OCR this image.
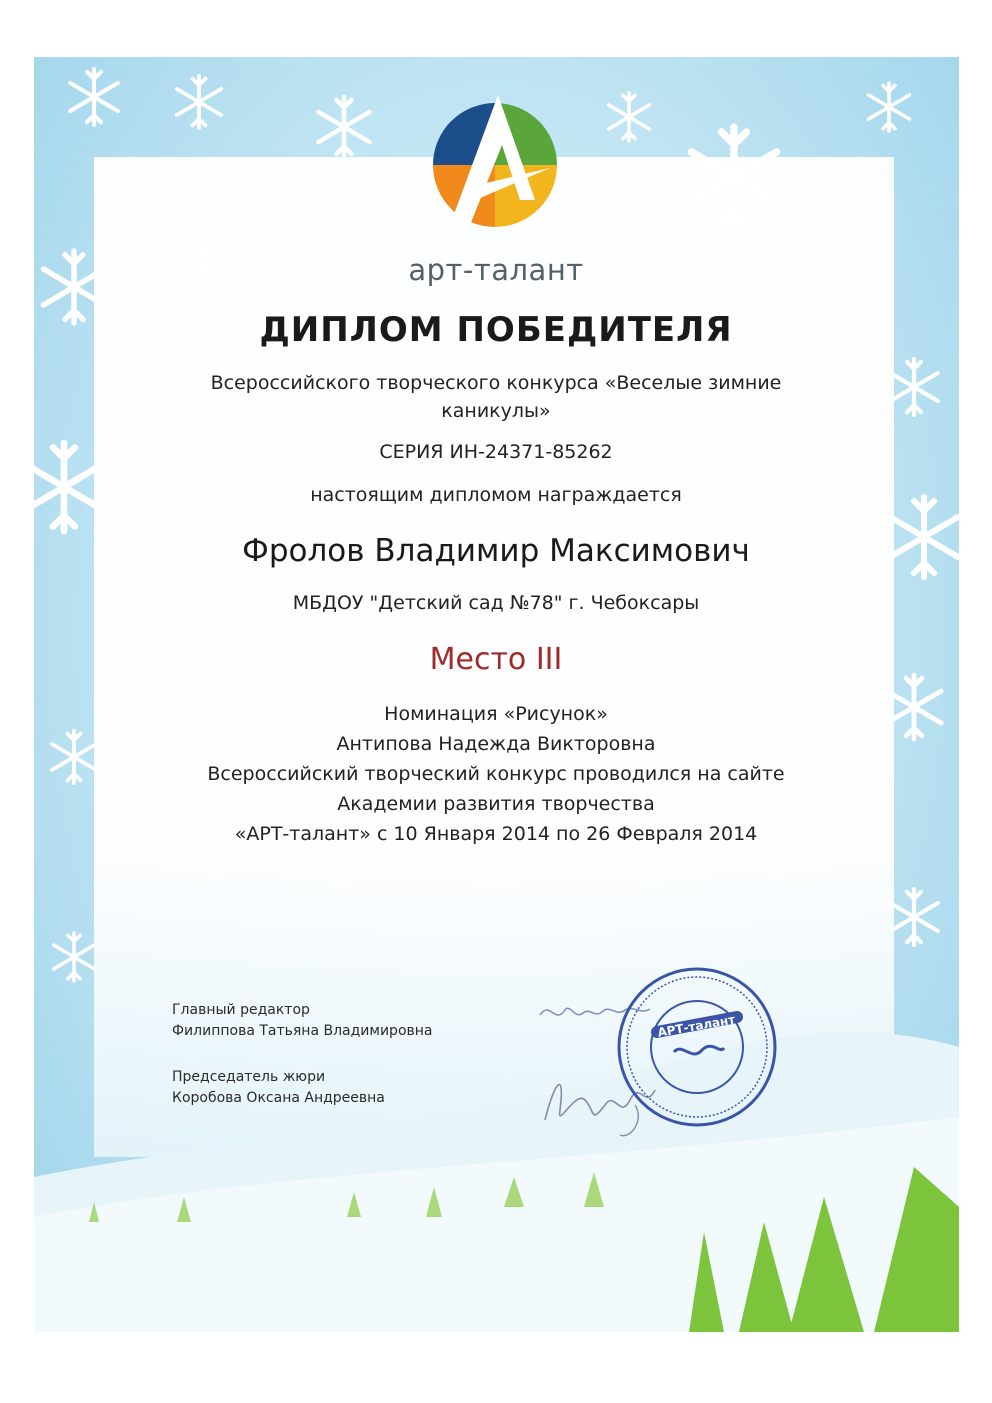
арт-талант
ДИПЛОМ ПОБЕДИТЕЛЯ
Всероссийского творческого конкурса «Веселые зимние
каникулы»
СЕРИЯ ИН-24371-85262
настоящим дипломом награждается
Фролов Владимир Максимович
МБДОУ "Детский сад №78" г. Чебоксары
Место III
Номинация «Рисунок»
Антипова Надежда Викторовна
Всероссийский творческий конкурс проводился на сайте
Академии развития творчества
«АРТ-талант» с 10 Января 2014 по 26 Февраля 2014
Главный редактор
Филиппова Татьяна Владимировна
Председатель жюри
Коробова Оксана Андреевна
АРТ-талант
